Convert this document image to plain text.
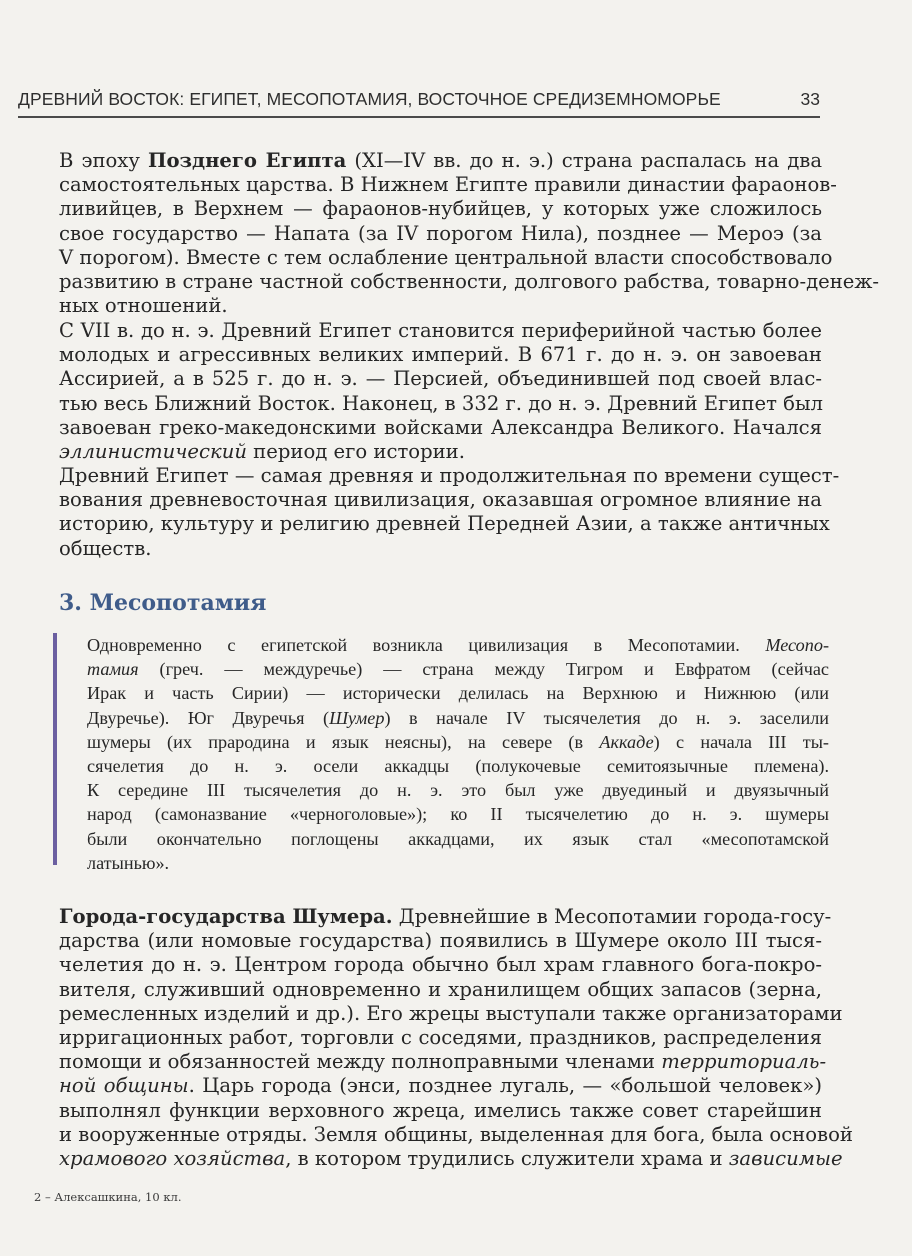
ДРЕВНИЙ ВОСТОК: ЕГИПЕТ, МЕСОПОТАМИЯ, ВОСТОЧНОЕ СРЕДИЗЕМНОМОРЬЕ	33

В эпоху Позднего Египта (XI—IV вв. до н. э.) страна распалась на два
самостоятельных царства. В Нижнем Египте правили династии фараонов-
ливийцев, в Верхнем — фараонов-нубийцев, у которых уже сложилось
свое государство — Напата (за IV порогом Нила), позднее — Мероэ (за
V порогом). Вместе с тем ослабление центральной власти способствовало
развитию в стране частной собственности, долгового рабства, товарно-денеж-
ных отношений.

С VII в. до н. э. Древний Египет становится периферийной частью более
молодых и агрессивных великих империй. В 671 г. до н. э. он завоеван
Ассирией, а в 525 г. до н. э. — Персией, объединившей под своей влас-
тью весь Ближний Восток. Наконец, в 332 г. до н. э. Древний Египет был
завоеван греко-македонскими войсками Александра Великого. Начался
эллинистический период его истории.

Древний Египет — самая древняя и продолжительная по времени сущест-
вования древневосточная цивилизация, оказавшая огромное влияние на
историю, культуру и религию древней Передней Азии, а также античных
обществ.

3. Месопотамия

Одновременно с египетской возникла цивилизация в Месопотамии. Месопо-
тамия (греч. — междуречье) — страна между Тигром и Евфратом (сейчас
Ирак и часть Сирии) — исторически делилась на Верхнюю и Нижнюю (или
Двуречье). Юг Двуречья (Шумер) в начале IV тысячелетия до н. э. заселили
шумеры (их прародина и язык неясны), на севере (в Аккаде) с начала III ты-
сячелетия до н. э. осели аккадцы (полукочевые семитоязычные племена).
К середине III тысячелетия до н. э. это был уже двуединый и двуязычный
народ (самоназвание «черноголовые»); ко II тысячелетию до н. э. шумеры
были окончательно поглощены аккадцами, их язык стал «месопотамской
латынью».

Города-государства Шумера. Древнейшие в Месопотамии города-госу-
дарства (или номовые государства) появились в Шумере около III тыся-
челетия до н. э. Центром города обычно был храм главного бога-покро-
вителя, служивший одновременно и хранилищем общих запасов (зерна,
ремесленных изделий и др.). Его жрецы выступали также организаторами
ирригационных работ, торговли с соседями, праздников, распределения
помощи и обязанностей между полноправными членами территориаль-
ной общины. Царь города (энси, позднее лугаль, — «большой человек»)
выполнял функции верховного жреца, имелись также совет старейшин
и вооруженные отряды. Земля общины, выделенная для бога, была основой
храмового хозяйства, в котором трудились служители храма и зависимые

2 – Алексашкина, 10 кл.
